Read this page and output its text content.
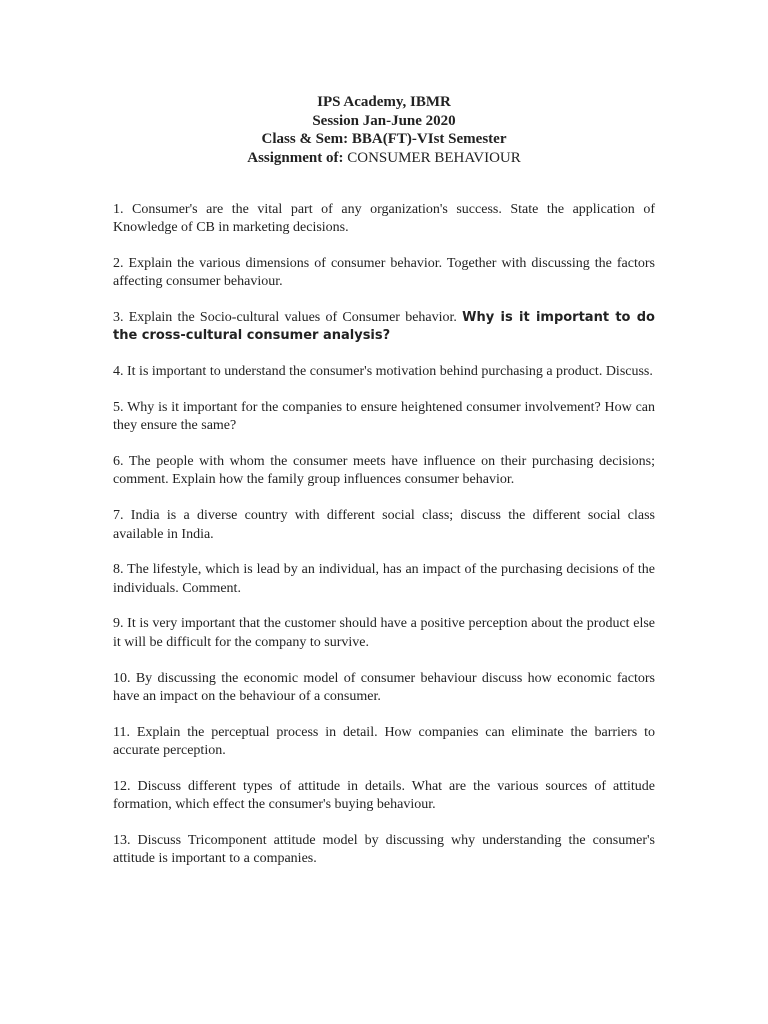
IPS Academy, IBMR
Session Jan-June 2020
Class & Sem: BBA(FT)-VIst Semester
Assignment of: CONSUMER BEHAVIOUR

1. Consumer's are the vital part of any organization's success. State the application of Knowledge of CB in marketing decisions.

2. Explain the various dimensions of consumer behavior. Together with discussing the factors affecting consumer behaviour.

3. Explain the Socio-cultural values of Consumer behavior. Why is it important to do the cross-cultural consumer analysis?

4. It is important to understand the consumer's motivation behind purchasing a product. Discuss.

5. Why is it important for the companies to ensure heightened consumer involvement? How can they ensure the same?

6. The people with whom the consumer meets have influence on their purchasing decisions; comment. Explain how the family group influences consumer behavior.

7. India is a diverse country with different social class; discuss the different social class available in India.

8. The lifestyle, which is lead by an individual, has an impact of the purchasing decisions of the individuals. Comment.

9. It is very important that the customer should have a positive perception about the product else it will be difficult for the company to survive.

10. By discussing the economic model of consumer behaviour discuss how economic factors have an impact on the behaviour of a consumer.

11. Explain the perceptual process in detail. How companies can eliminate the barriers to accurate perception.

12. Discuss different types of attitude in details. What are the various sources of attitude formation, which effect the consumer's buying behaviour.

13. Discuss Tricomponent attitude model by discussing why understanding the consumer's attitude is important to a companies.
